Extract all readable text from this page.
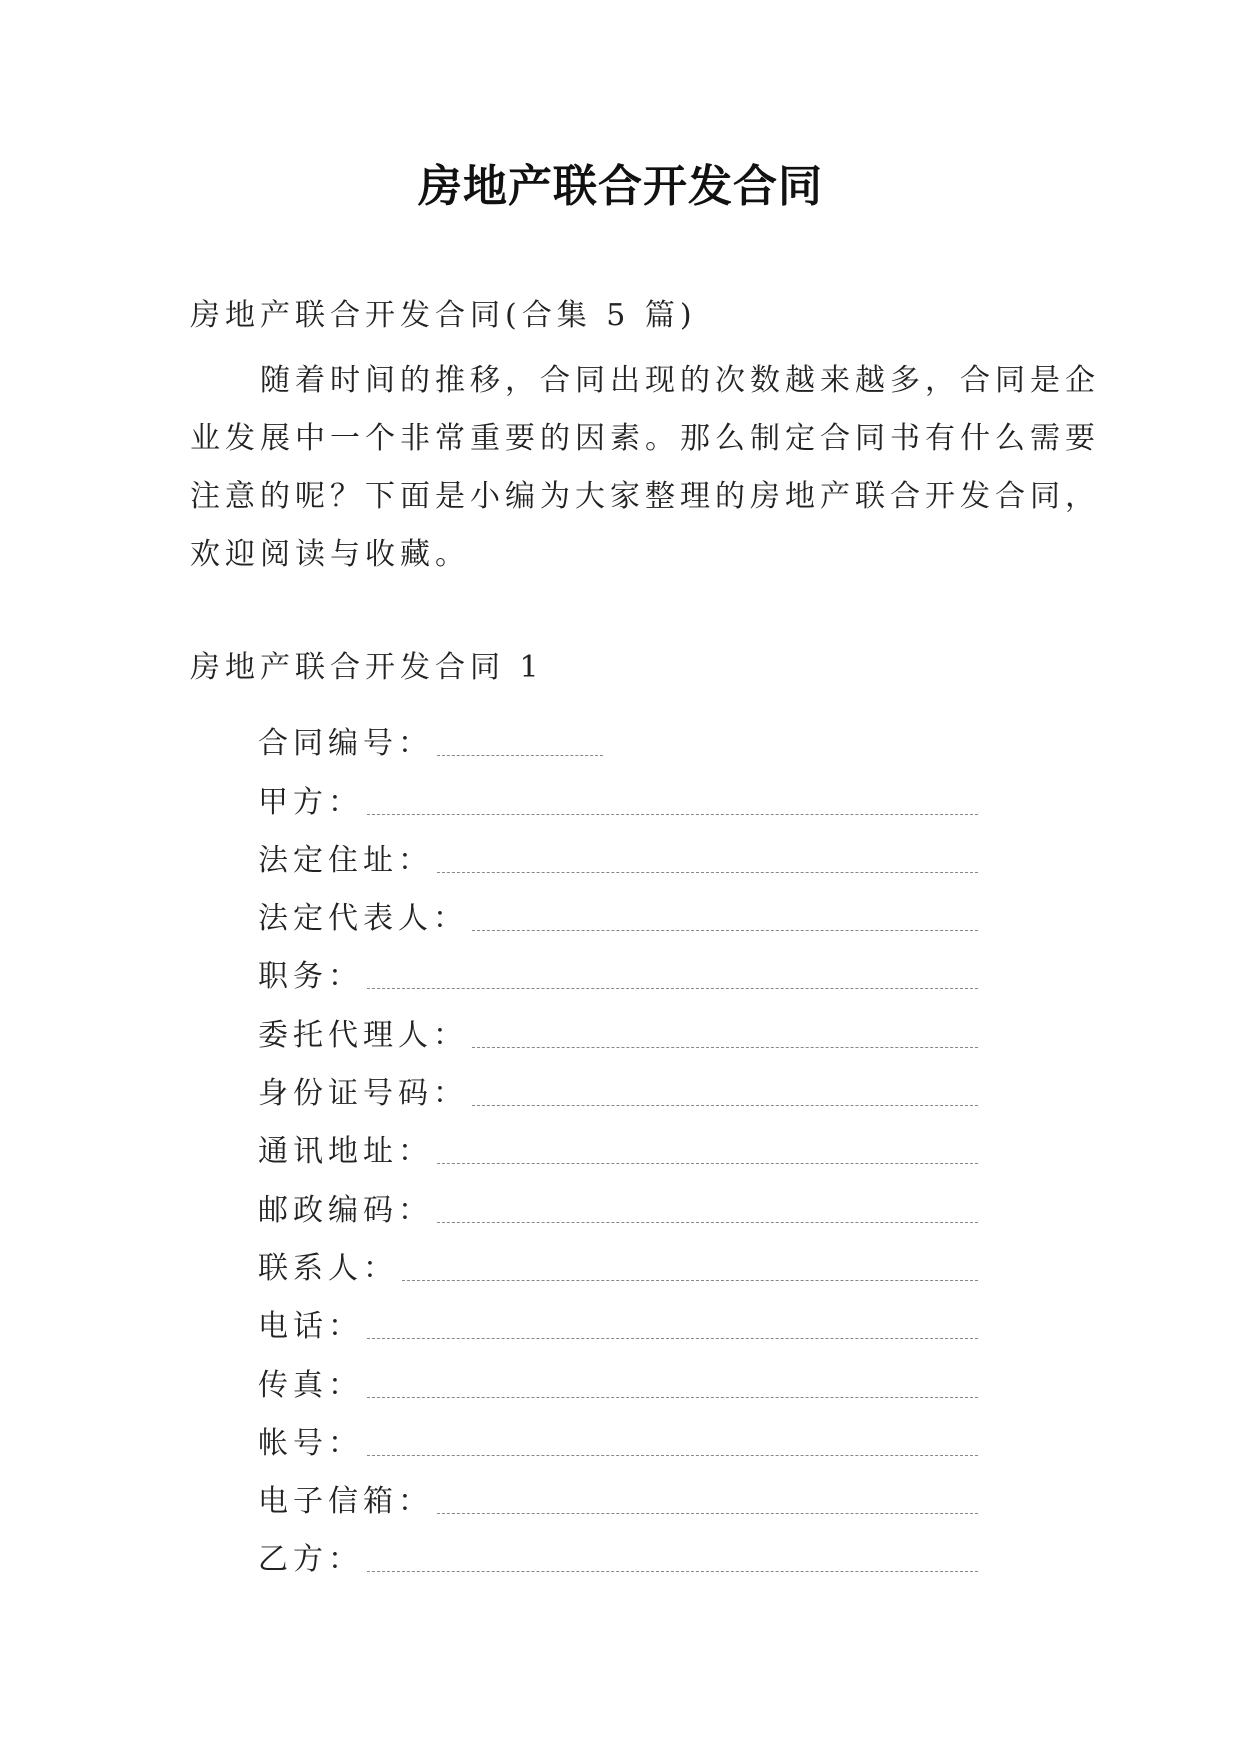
房地产联合开发合同
房地产联合开发合同(合集 5 篇)
　　随着时间的推移，合同出现的次数越来越多，合同是企
业发展中一个非常重要的因素。那么制定合同书有什么需要
注意的呢？下面是小编为大家整理的房地产联合开发合同，
欢迎阅读与收藏。
房地产联合开发合同 1
合同编号：
甲方：
法定住址：
法定代表人：
职务：
委托代理人：
身份证号码：
通讯地址：
邮政编码：
联系人：
电话：
传真：
帐号：
电子信箱：
乙方：
